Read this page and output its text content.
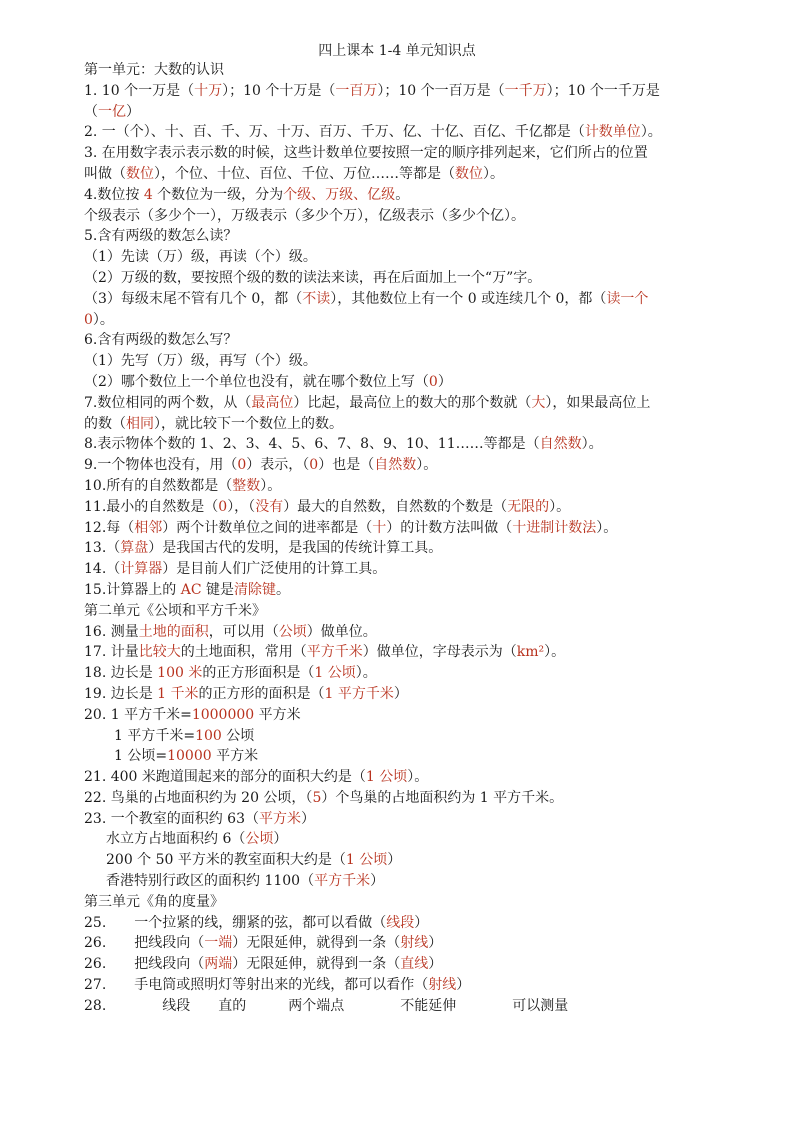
四上课本 1-4 单元知识点
第一单元：大数的认识
1. 10 个一万是（十万）；10 个十万是（一百万）；10 个一百万是（一千万）；10 个一千万是
（一亿）
2. 一（个）、十、百、千、万、十万、百万、千万、亿、十亿、百亿、千亿都是（计数单位）。
3. 在用数字表示表示数的时候，这些计数单位要按照一定的顺序排列起来，它们所占的位置
叫做（数位），个位、十位、百位、千位、万位……等都是（数位）。
4.数位按 4 个数位为一级，分为个级、万级、亿级。
个级表示（多少个一），万级表示（多少个万），亿级表示（多少个亿）。
5.含有两级的数怎么读？
（1）先读（万）级，再读（个）级。
（2）万级的数，要按照个级的数的读法来读，再在后面加上一个“万”字。
（3）每级末尾不管有几个 0，都（不读），其他数位上有一个 0 或连续几个 0，都（读一个
0）。
6.含有两级的数怎么写？
（1）先写（万）级，再写（个）级。
（2）哪个数位上一个单位也没有，就在哪个数位上写（0）
7.数位相同的两个数，从（最高位）比起，最高位上的数大的那个数就（大），如果最高位上
的数（相同），就比较下一个数位上的数。
8.表示物体个数的 1、2、3、4、5、6、7、8、9、10、11……等都是（自然数）。
9.一个物体也没有，用（0）表示，（0）也是（自然数）。
10.所有的自然数都是（整数）。
11.最小的自然数是（0），（没有）最大的自然数，自然数的个数是（无限的）。
12.每（相邻）两个计数单位之间的进率都是（十）的计数方法叫做（十进制计数法）。
13.（算盘）是我国古代的发明，是我国的传统计算工具。
14.（计算器）是目前人们广泛使用的计算工具。
15.计算器上的 AC 键是清除键。
第二单元《公顷和平方千米》
16. 测量土地的面积，可以用（公顷）做单位。
17. 计量比较大的土地面积，常用（平方千米）做单位，字母表示为（km²）。
18. 边长是 100 米的正方形面积是（1 公顷）。
19. 边长是 1 千米的正方形的面积是（1 平方千米）
20. 1 平方千米=1000000 平方米
1 平方千米=100 公顷
1 公顷=10000 平方米
21. 400 米跑道围起来的部分的面积大约是（1 公顷）。
22. 鸟巢的占地面积约为 20 公顷，（5）个鸟巢的占地面积约为 1 平方千米。
23. 一个教室的面积约 63（平方米）
水立方占地面积约 6（公顷）
200 个 50 平方米的教室面积大约是（1 公顷）
香港特别行政区的面积约 1100（平方千米）
第三单元《角的度量》
25.　　一个拉紧的线，绷紧的弦，都可以看做（线段）
26.　　把线段向（一端）无限延伸，就得到一条（射线）
26.　　把线段向（两端）无限延伸，就得到一条（直线）
27.　　手电筒或照明灯等射出来的光线，都可以看作（射线）
28.　　　　线段　　直的　　　两个端点　　　　不能延伸　　　　可以测量
